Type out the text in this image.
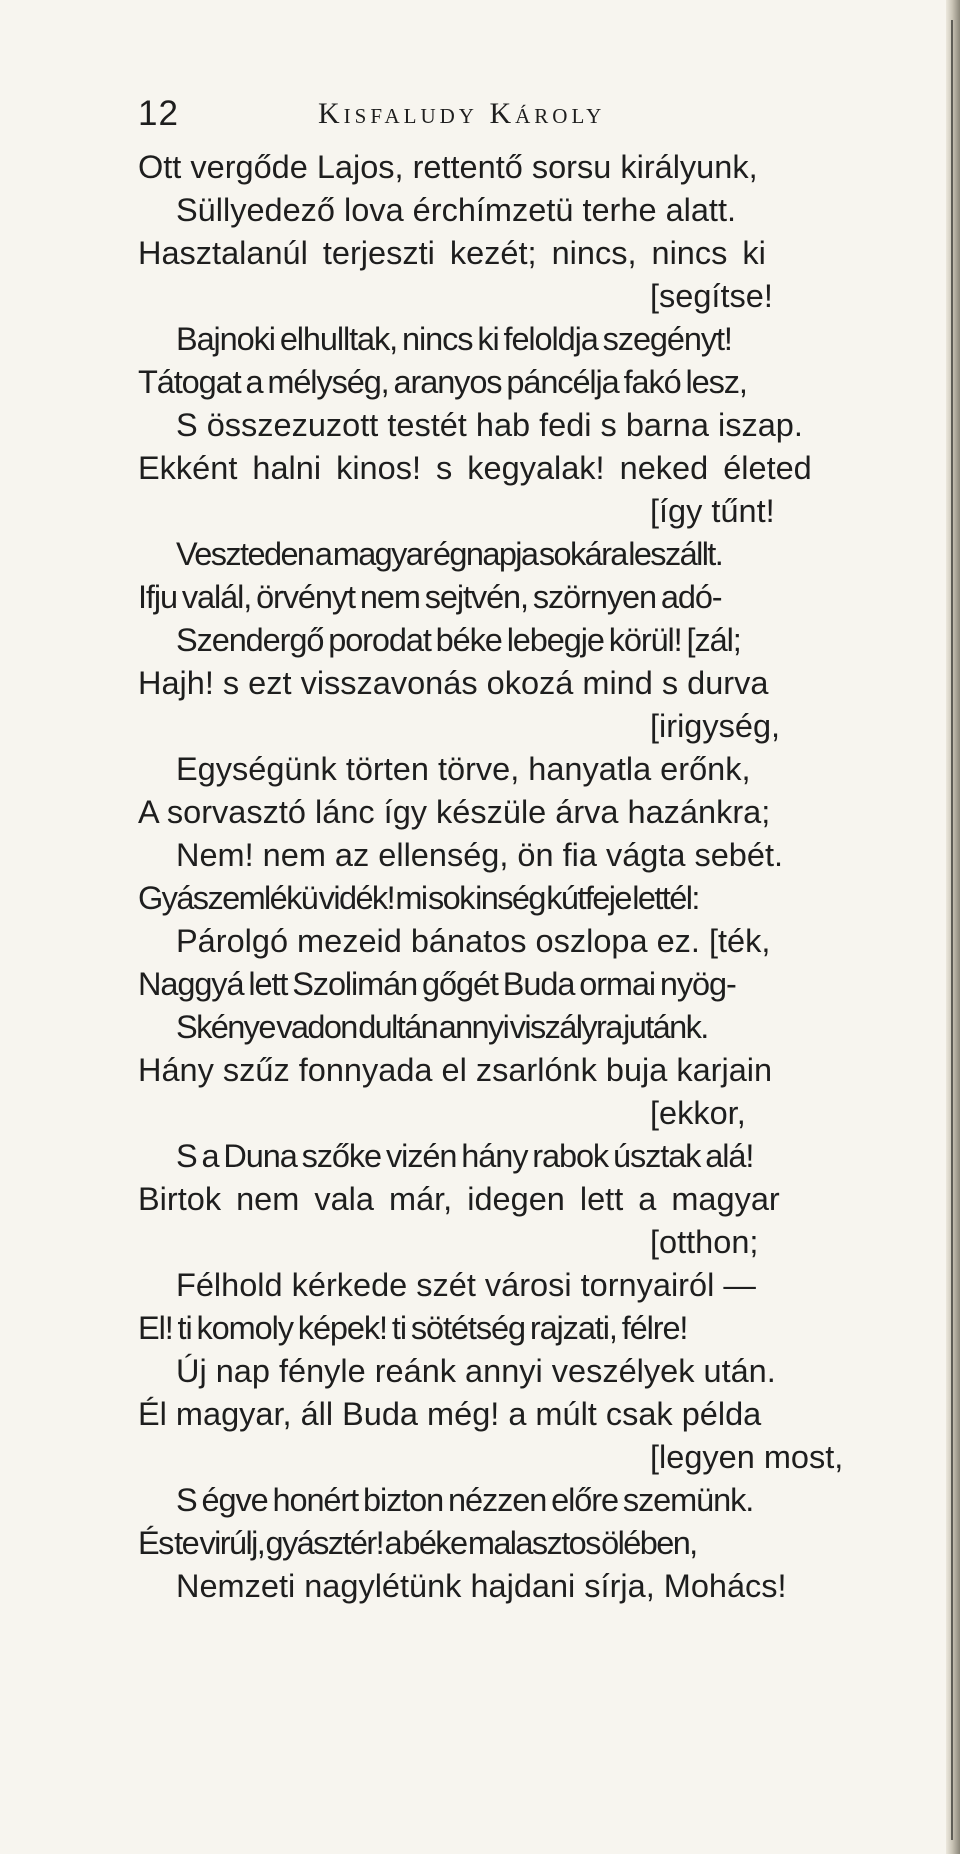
12	Kisfaludy Károly
Ott vergőde Lajos, rettentő sorsu királyunk,
Süllyedező lova érchímzetü terhe alatt.
Hasztalanúl terjeszti kezét; nincs, nincs ki
[segítse!
Bajnoki elhulltak, nincs ki feloldja szegényt!
Tátogat a mélység, aranyos páncélja fakó lesz,
S összezuzott testét hab fedi s barna iszap.
Ekként halni kinos! s kegyalak! neked életed
[így tűnt!
Veszteden a magyar égnapja sokára leszállt.
Ifju valál, örvényt nem sejtvén, szörnyen adó-
Szendergő porodat béke lebegje körül! [zál;
Hajh! s ezt visszavonás okozá mind s durva
[irigység,
Egységünk törten törve, hanyatla erőnk,
A sorvasztó lánc így készüle árva hazánkra;
Nem! nem az ellenség, ön fia vágta sebét.
Gyászemlékü vidék! mi sok inség kútfeje lettél:
Párolgó mezeid bánatos oszlopa ez. [ték,
Naggyá lett Szolimán gőgét Buda ormai nyög-
Skénye vadon dultán annyi viszályra jutánk.
Hány szűz fonnyada el zsarlónk buja karjain
[ekkor,
S a Duna szőke vizén hány rabok úsztak alá!
Birtok nem vala már, idegen lett a magyar
[otthon;
Félhold kérkede szét városi tornyairól —
El! ti komoly képek! ti sötétség rajzati, félre!
Új nap fényle reánk annyi veszélyek után.
Él magyar, áll Buda még! a múlt csak példa
[legyen most,
S égve honért bizton nézzen előre szemünk.
És te virúlj, gyásztér! a béke malasztos ölében,
Nemzeti nagylétünk hajdani sírja, Mohács!
